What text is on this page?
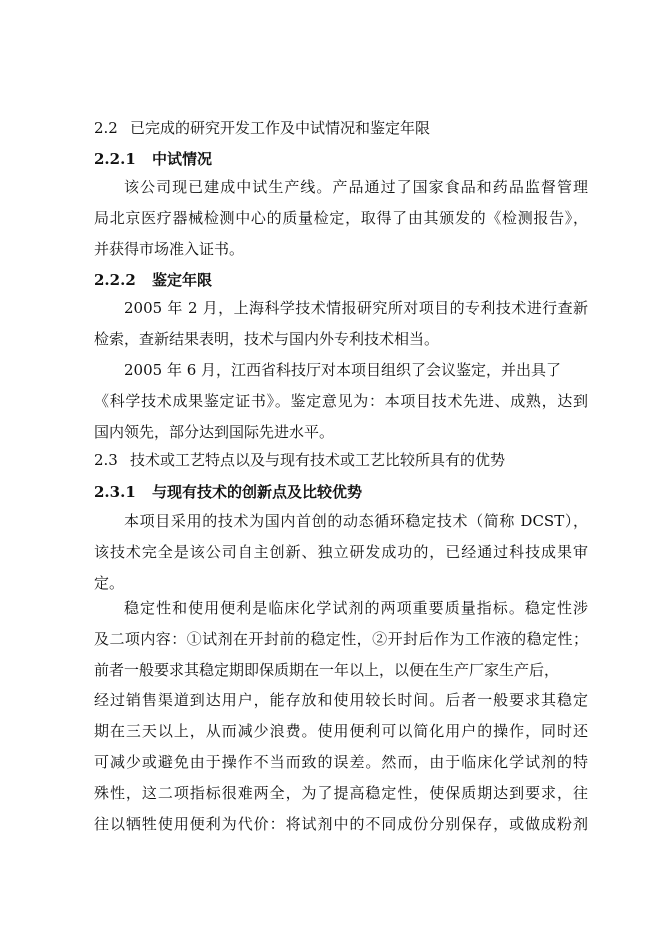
2.2 已完成的研究开发工作及中试情况和鉴定年限
2.2.1 中试情况
该公司现已建成中试生产线。产品通过了国家食品和药品监督管理
局北京医疗器械检测中心的质量检定，取得了由其颁发的《检测报告》，
并获得市场准入证书。
2.2.2 鉴定年限
2005 年 2 月，上海科学技术情报研究所对项目的专利技术进行查新
检索，查新结果表明，技术与国内外专利技术相当。
2005 年 6 月，江西省科技厅对本项目组织了会议鉴定，并出具了
《科学技术成果鉴定证书》。鉴定意见为：本项目技术先进、成熟，达到
国内领先，部分达到国际先进水平。
2.3 技术或工艺特点以及与现有技术或工艺比较所具有的优势
2.3.1 与现有技术的创新点及比较优势
本项目采用的技术为国内首创的动态循环稳定技术（简称 DCST），
该技术完全是该公司自主创新、独立研发成功的，已经通过科技成果审
定。
稳定性和使用便利是临床化学试剂的两项重要质量指标。稳定性涉
及二项内容：①试剂在开封前的稳定性，②开封后作为工作液的稳定性；
前者一般要求其稳定期即保质期在一年以上，以便在生产厂家生产后，
经过销售渠道到达用户，能存放和使用较长时间。后者一般要求其稳定
期在三天以上，从而减少浪费。使用便利可以简化用户的操作，同时还
可减少或避免由于操作不当而致的误差。然而，由于临床化学试剂的特
殊性，这二项指标很难两全，为了提高稳定性，使保质期达到要求，往
往以牺牲使用便利为代价：将试剂中的不同成份分别保存，或做成粉剂
